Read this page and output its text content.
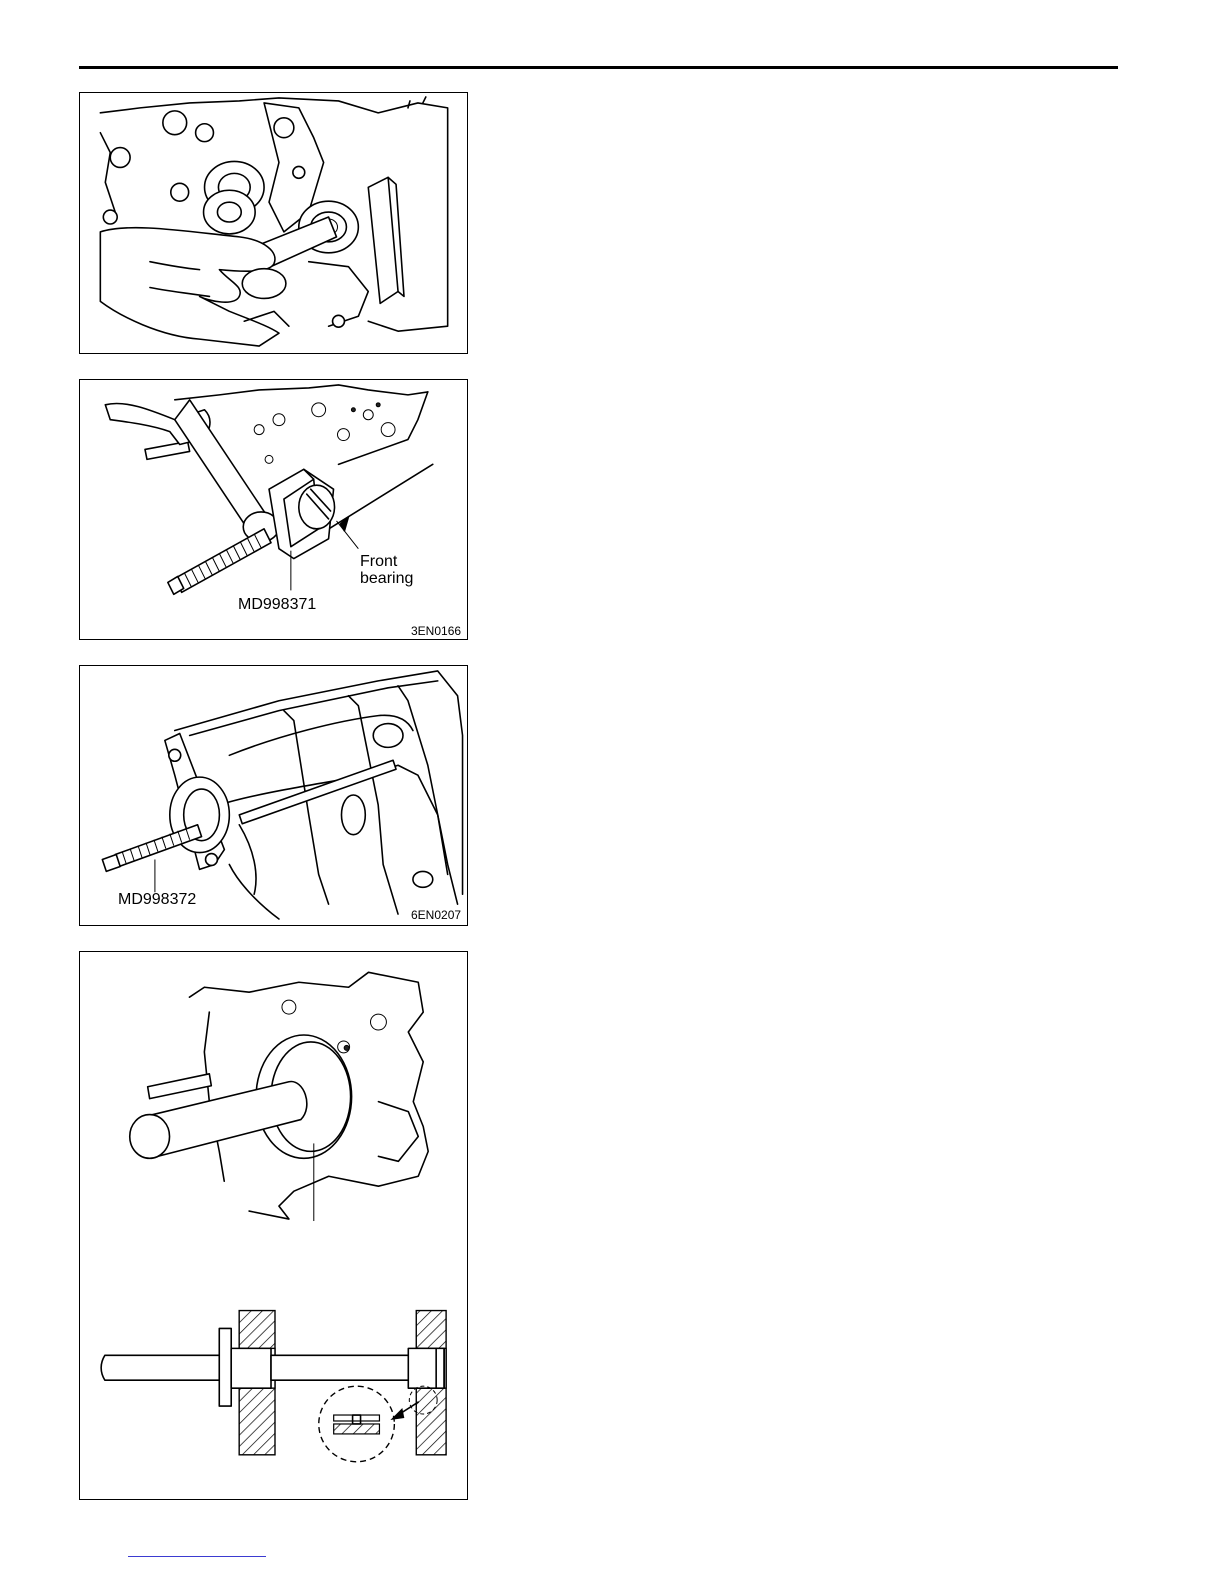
Front
bearing
MD998371
3EN0166
MD998372
6EN0207
